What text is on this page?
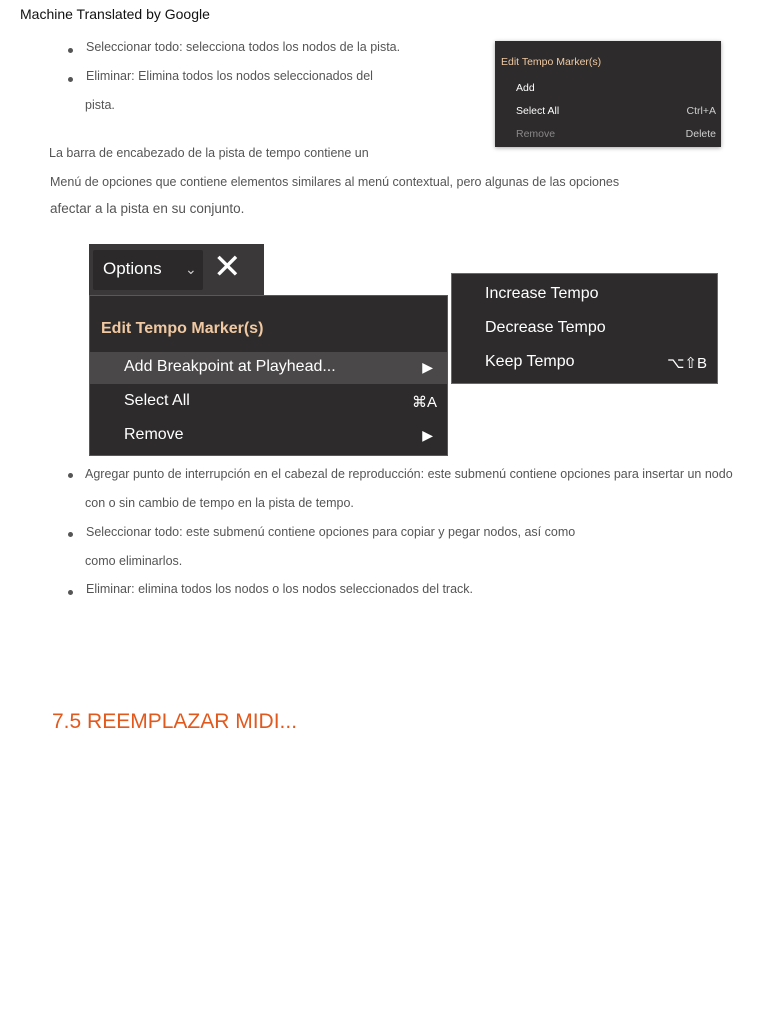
Machine Translated by Google
Seleccionar todo: selecciona todos los nodos de la pista.
Eliminar: Elimina todos los nodos seleccionados del
pista.
Edit Tempo Marker(s)
Add
Select All	Ctrl+A
Remove	Delete
La barra de encabezado de la pista de tempo contiene un
Menú de opciones que contiene elementos similares al menú contextual, pero algunas de las opciones
afectar a la pista en su conjunto.
Options ⌄ ✕
Edit Tempo Marker(s)
Add Breakpoint at Playhead...	▶
Select All	⌘A
Remove	▶
Increase Tempo
Decrease Tempo
Keep Tempo	⌥⇧B
Agregar punto de interrupción en el cabezal de reproducción: este submenú contiene opciones para insertar un nodo
con o sin cambio de tempo en la pista de tempo.
Seleccionar todo: este submenú contiene opciones para copiar y pegar nodos, así como
como eliminarlos.
Eliminar: elimina todos los nodos o los nodos seleccionados del track.
7.5 REEMPLAZAR MIDI...
